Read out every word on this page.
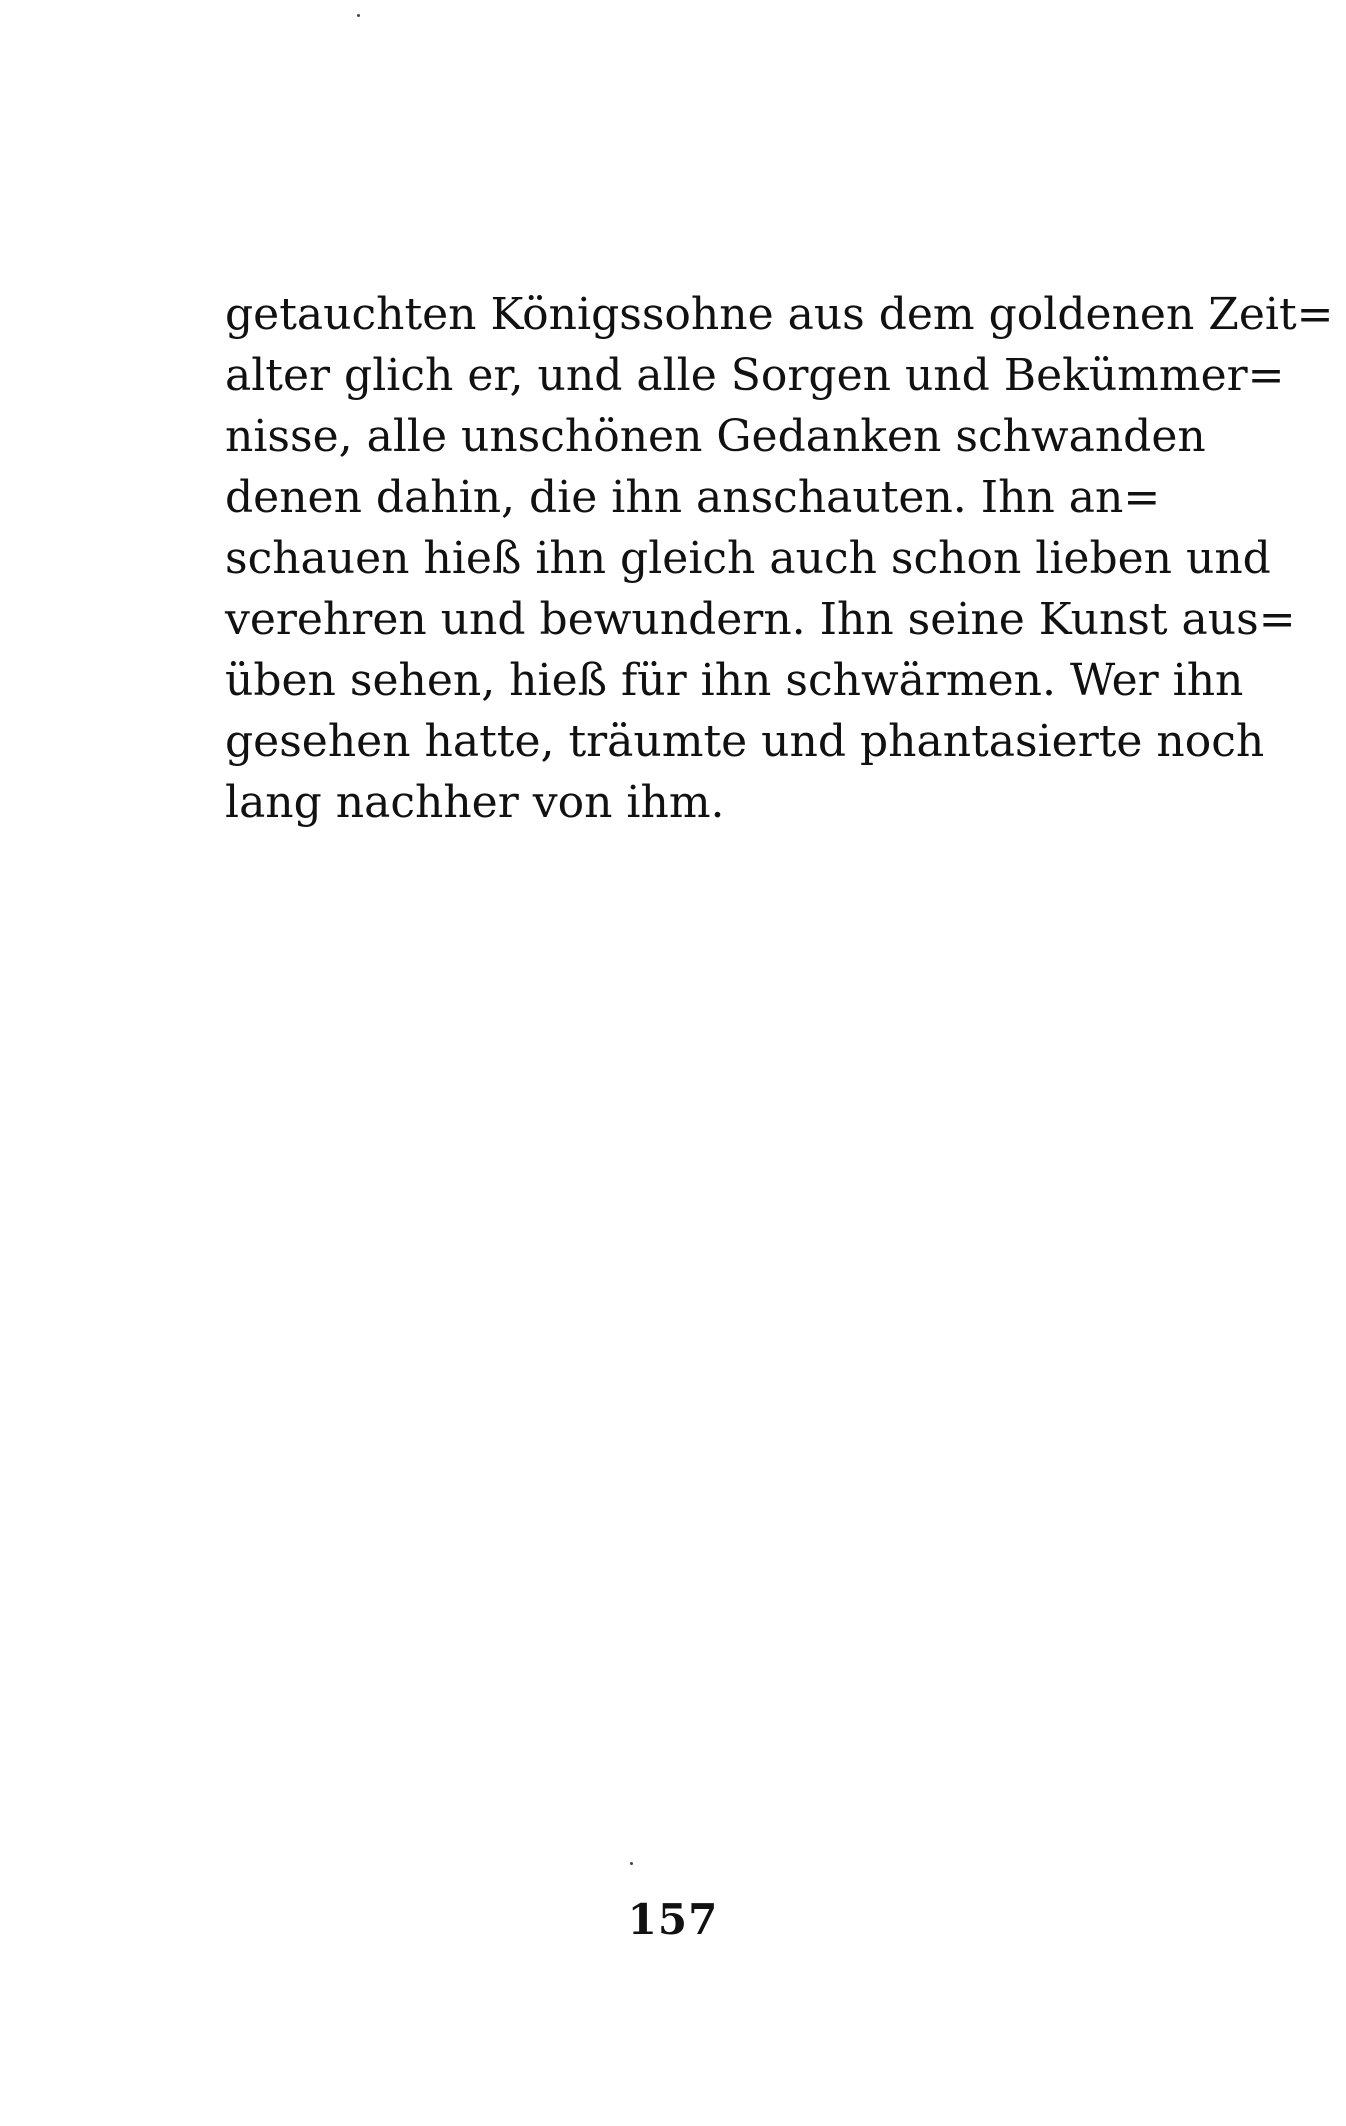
getauchten Königssohne aus dem goldenen Zeit=
alter glich er, und alle Sorgen und Bekümmer=
nisse, alle unschönen Gedanken schwanden
denen dahin, die ihn anschauten. Ihn an=
schauen hieß ihn gleich auch schon lieben und
verehren und bewundern. Ihn seine Kunst aus=
üben sehen, hieß für ihn schwärmen. Wer ihn
gesehen hatte, träumte und phantasierte noch
lang nachher von ihm.
157
